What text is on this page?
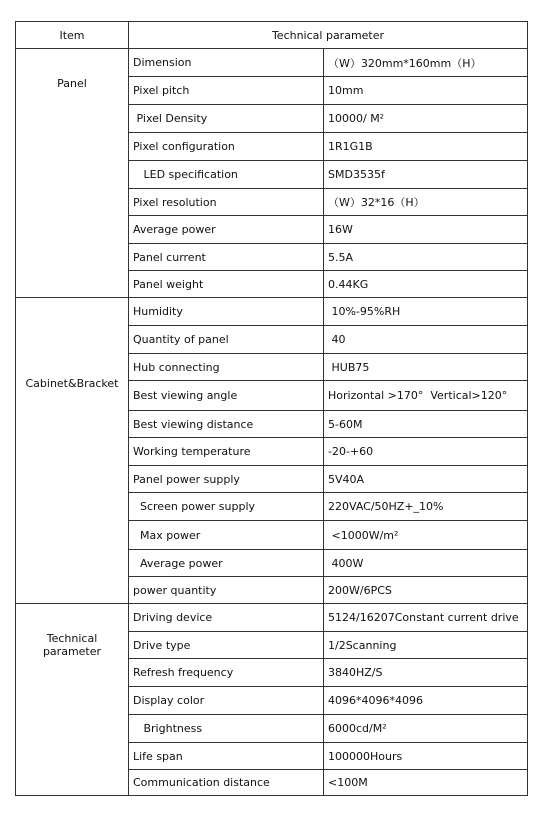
Item	Technical parameter	
Panel	Dimension	（W）320mm*160mm（H）
	Pixel pitch	10mm
	Pixel Density	10000/ M²
	Pixel configuration	1R1G1B
	LED specification	SMD3535f
	Pixel resolution	（W）32*16（H）
	Average power	16W
	Panel current	5.5A
	Panel weight	0.44KG
Cabinet&Bracket	Humidity	10%-95%RH
	Quantity of panel	40
	Hub connecting	HUB75
	Best viewing angle	Horizontal >170°  Vertical>120°
	Best viewing distance	5-60M
	Working temperature	-20-+60
	Panel power supply	5V40A
	Screen power supply	220VAC/50HZ+_10%
	Max power	<1000W/m²
	Average power	400W
	power quantity	200W/6PCS
Technical parameter	Driving device	5124/16207Constant current drive
	Drive type	1/2Scanning
	Refresh frequency	3840HZ/S
	Display color	4096*4096*4096
	Brightness	6000cd/M²
	Life span	100000Hours
	Communication distance	<100M
